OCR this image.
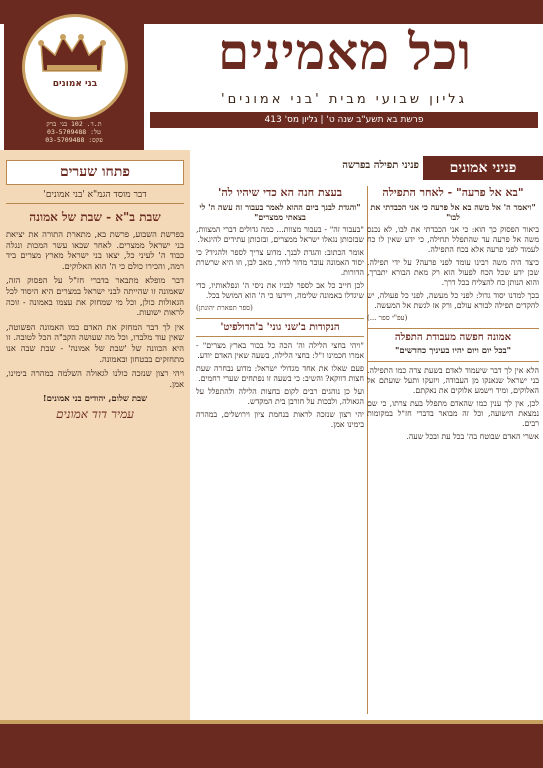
בני אמונים
ת.ד. 102 בני ברק
טל: 03-5709488
פקס: 03-5709488
וכל מאמינים
גליון שבועי מבית 'בני אמונים'
פרשת בא תשע"ב שנה ט' | גליון מס' 413
פתחו שערים
דבר מוסד הגמ"א 'בני אמונים'
שבת ב"א - שבת של אמונה

בפרשת השבוע, פרשת בא, מתארת התורה את יציאת בני ישראל ממצרים. לאחר שבאו עשר המכות ונגלה כבוד ה' לעיני כל, יצאו בני ישראל מארץ מצרים ביד רמה, והכירו כולם כי ה' הוא האלוקים.

דבר מופלא מתבאר בדברי חז"ל על הפסוק הזה, שאמונה זו שהייתה לבני ישראל במצרים היא היסוד לכל הגאולות כולן, וכל מי שמחזק את עצמו באמונה - זוכה לראות ישועות.

אין לך דבר המחזק את האדם כמו האמונה הפשוטה, שאין עוד מלבדו, וכל מה שעושה הקב"ה הכל לטובה. זו היא הכוונה של 'שבת של אמונה' - שבת שבה אנו מתחזקים בבטחון ובאמונה.

ויהי רצון שנזכה כולנו לגאולה השלמה במהרה בימינו, אמן.

שבת שלום, יהודים בני אמונים!
עמיר דוד אמונים
פניני אמונים
פניני תפילה בפרשה
"בא אל פרעה" - לאחר התפילה
"ויאמר ה' אל משה בא אל פרעה כי אני הכבדתי את לבו"

ביאור הפסוק כך הוא: כי אני הכבדתי את לבו, לא נכנס משה אל פרעה עד שהתפלל תחילה, כי ידע שאין לו כח לעמוד לפני פרעה אלא בכח התפילה.

כיצד היה משה רבינו עומד לפני פרעה? על ידי תפילה. שכן ידע שכל הכח לפעול הוא רק מאת הבורא יתברך, והוא הנותן כח להצליח בכל דרך.

בכך למדנו יסוד גדול: לפני כל מעשה, לפני כל פעולה, יש להקדים תפילה לבורא עולם, ורק אז לגשת אל המעשה.

(עפ"י ספר ...)
אמונה חפשה מעבודת התפלה
"בכל יום ויום יהיו בעיניך כחדשים"

הלא אין לך דבר שיעמוד לאדם בשעת צרה כמו התפילה. בני ישראל שנאנקו מן העבודה, ויזעקו ותעל שועתם אל האלוקים, ומיד וישמע אלוקים את נאקתם.

לכן, אין לך ענין כמו שהאדם מתפלל בעת צרתו, כי שם נמצאת הישועה, וכל זה מבואר בדברי חז"ל במקומות רבים.

אשרי האדם שבוטח בה' בכל עת ובכל שעה.

בעצת חנה הא כדי שיהיו לה'
"והגדת לבנך ביום ההוא לאמר בעבור זה עשה ה' לי בצאתי ממצרים"

"בעבור זה" - בעבור מצוות... כמה גדולים דברי המצוות, שבזכותן נגאלו ישראל ממצרים, ובזכותן עתידים להיגאל.

אומר הכתוב: והגדת לבנך. מדוע צריך לספר ולהגיד? כי יסוד האמונה עובר מדור לדור, מאב לבן, וזו היא שרשרת הדורות.

לכן חייב כל אב לספר לבניו את ניסי ה' ונפלאותיו, כדי שיגדלו באמונה שלימה, ויידעו כי ה' הוא המושל בכל.

(ספר תפארת יהונתן)
הנקודות ב'שני גוני' ב'הדולפיט'

"ויהי בחצי הלילה וה' הכה כל בכור בארץ מצרים" - אמרו חכמינו ז"ל: בחצי הלילה, בשעה שאין האדם יודע.

פעם שאלו את אחד מגדולי ישראל: מדוע נבחרה שעת חצות דווקא? והשיב: כי בשעה זו נפתחים שערי רחמים.

ועל כן נוהגים רבים לקום בחצות הלילה ולהתפלל על הגאולה, ולבכות על חורבן בית המקדש.

יהי רצון שנזכה לראות בנחמת ציון וירושלים, במהרה בימינו אמן.
